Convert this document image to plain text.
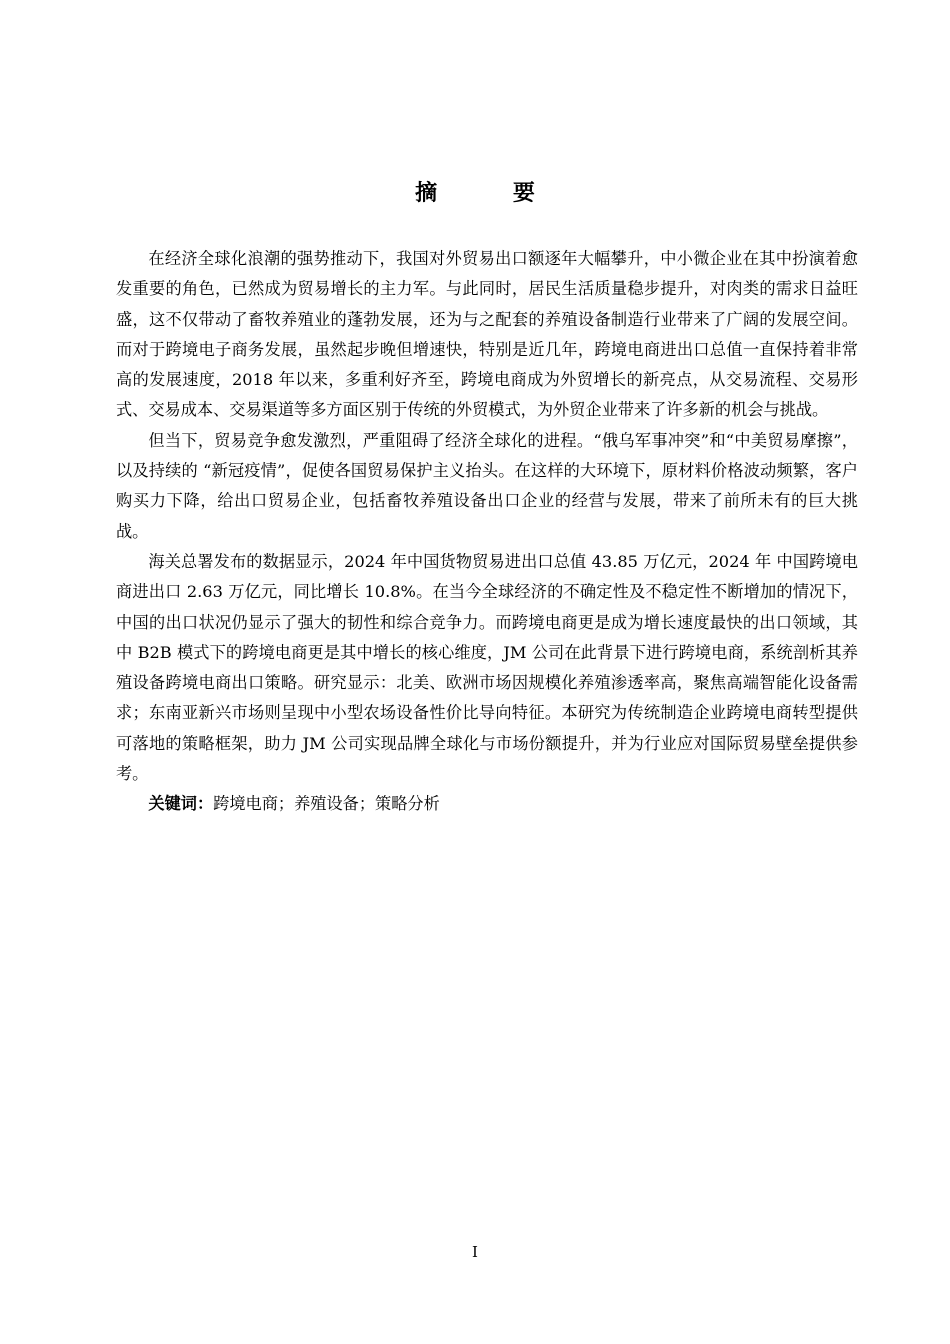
摘 要

在经济全球化浪潮的强势推动下，我国对外贸易出口额逐年大幅攀升，中小微企业在其中扮演着愈发重要的角色，已然成为贸易增长的主力军。与此同时，居民生活质量稳步提升，对肉类的需求日益旺盛，这不仅带动了畜牧养殖业的蓬勃发展，还为与之配套的养殖设备制造行业带来了广阔的发展空间。而对于跨境电子商务发展，虽然起步晚但增速快，特别是近几年，跨境电商进出口总值一直保持着非常高的发展速度，2018 年以来，多重利好齐至，跨境电商成为外贸增长的新亮点，从交易流程、交易形式、交易成本、交易渠道等多方面区别于传统的外贸模式，为外贸企业带来了许多新的机会与挑战。

但当下，贸易竞争愈发激烈，严重阻碍了经济全球化的进程。“俄乌军事冲突”和“中美贸易摩擦”，以及持续的 “新冠疫情”，促使各国贸易保护主义抬头。在这样的大环境下，原材料价格波动频繁，客户购买力下降，给出口贸易企业，包括畜牧养殖设备出口企业的经营与发展，带来了前所未有的巨大挑战。

海关总署发布的数据显示，2024 年中国货物贸易进出口总值 43.85 万亿元，2024 年 中国跨境电商进出口 2.63 万亿元，同比增长 10.8%。在当今全球经济的不确定性及不稳定性不断增加的情况下，中国的出口状况仍显示了强大的韧性和综合竞争力。而跨境电商更是成为增长速度最快的出口领域，其中 B2B 模式下的跨境电商更是其中增长的核心维度，JM 公司在此背景下进行跨境电商，系统剖析其养殖设备跨境电商出口策略。研究显示：北美、欧洲市场因规模化养殖渗透率高，聚焦高端智能化设备需求；东南亚新兴市场则呈现中小型农场设备性价比导向特征。本研究为传统制造企业跨境电商转型提供可落地的策略框架，助力 JM 公司实现品牌全球化与市场份额提升，并为行业应对国际贸易壁垒提供参考。

关键词：跨境电商；养殖设备；策略分析

I
